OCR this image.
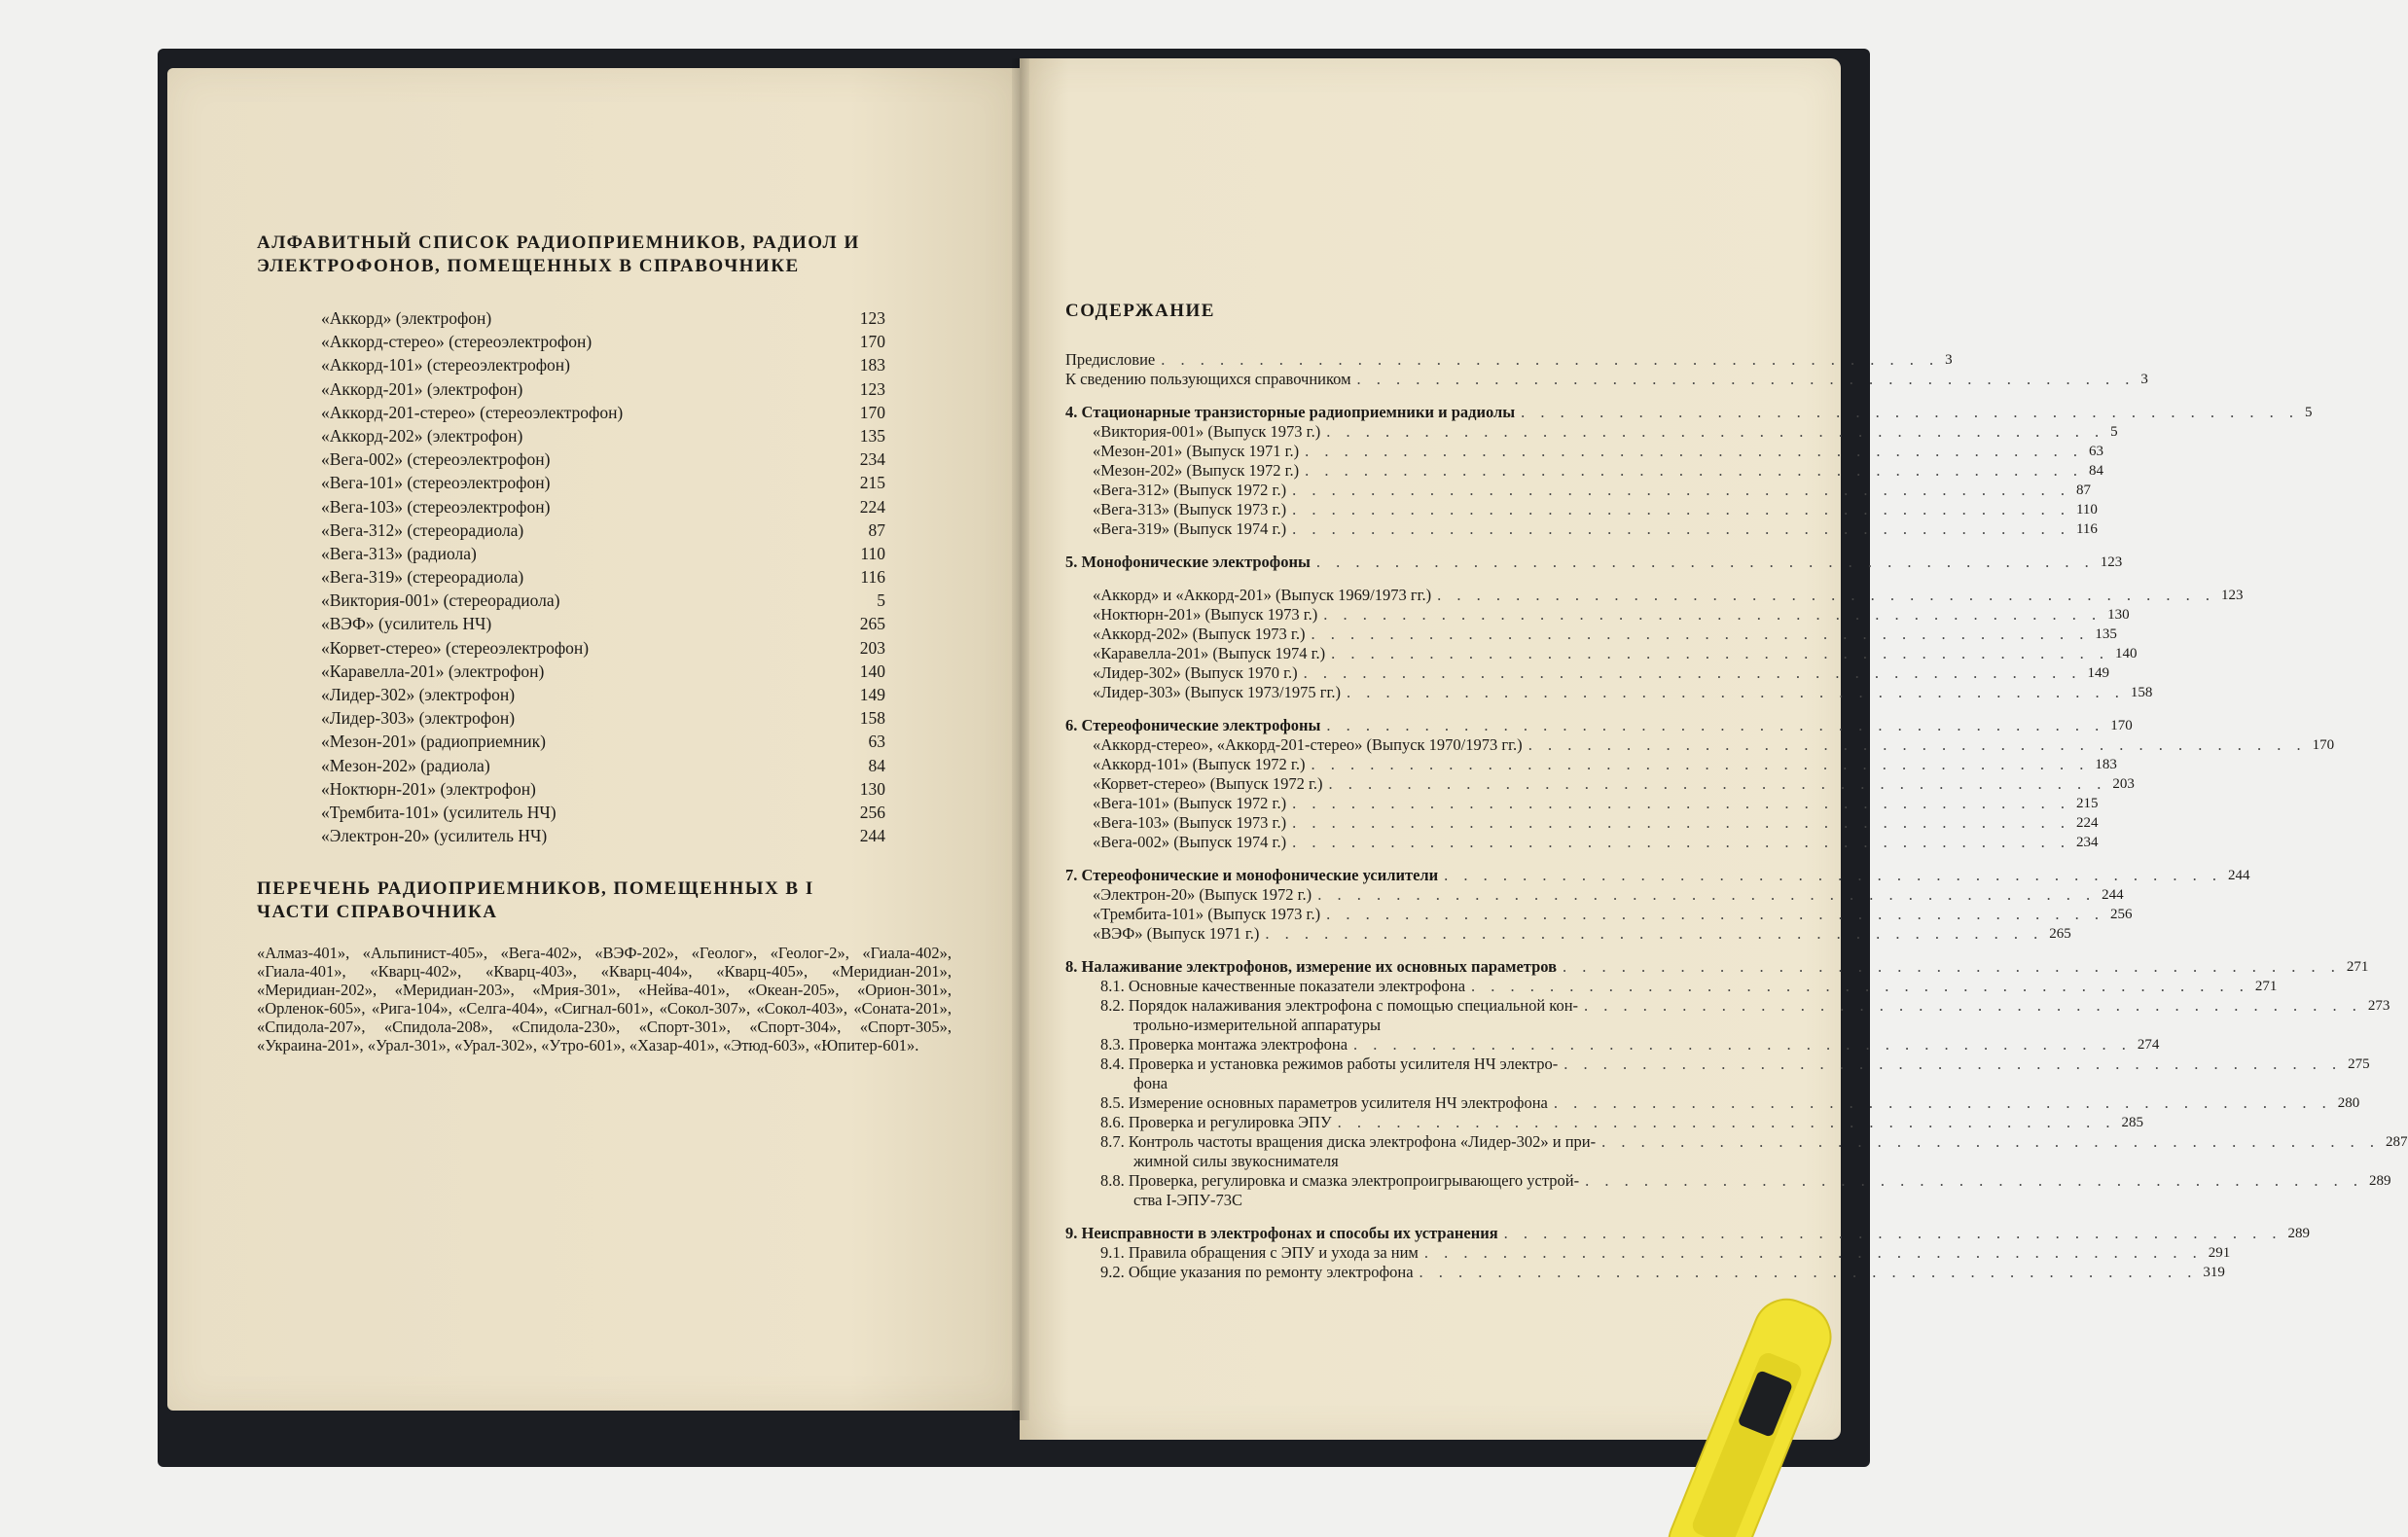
АЛФАВИТНЫЙ СПИСОК РАДИОПРИЕМНИКОВ, РАДИОЛ И ЭЛЕКТРОФОНОВ, ПОМЕЩЕННЫХ В СПРАВОЧНИКЕ
«Аккорд» (электрофон)	123
«Аккорд-стерео» (стереоэлектрофон)	170
«Аккорд-101» (стереоэлектрофон)	183
«Аккорд-201» (электрофон)	123
«Аккорд-201-стерео» (стереоэлектрофон)	170
«Аккорд-202» (электрофон)	135
«Вега-002» (стереоэлектрофон)	234
«Вега-101» (стереоэлектрофон)	215
«Вега-103» (стереоэлектрофон)	224
«Вега-312» (стереорадиола)	87
«Вега-313» (радиола)	110
«Вега-319» (стереорадиола)	116
«Виктория-001» (стереорадиола)	5
«ВЭФ» (усилитель НЧ)	265
«Корвет-стерео» (стереоэлектрофон)	203
«Каравелла-201» (электрофон)	140
«Лидер-302» (электрофон)	149
«Лидер-303» (электрофон)	158
«Мезон-201» (радиоприемник)	63
«Мезон-202» (радиола)	84
«Ноктюрн-201» (электрофон)	130
«Трембита-101» (усилитель НЧ)	256
«Электрон-20» (усилитель НЧ)	244
ПЕРЕЧЕНЬ РАДИОПРИЕМНИКОВ, ПОМЕЩЕННЫХ В I ЧАСТИ СПРАВОЧНИКА
«Алмаз-401», «Альпинист-405», «Вега-402», «ВЭФ-202», «Геолог», «Геолог-2», «Гиала-402», «Гиала-401», «Кварц-402», «Кварц-403», «Кварц-404», «Кварц-405», «Меридиан-201», «Меридиан-202», «Меридиан-203», «Мрия-301», «Нейва-401», «Океан-205», «Орион-301», «Орленок-605», «Рига-104», «Селга-404», «Сигнал-601», «Сокол-307», «Сокол-403», «Соната-201», «Спидола-207», «Спидола-208», «Спидола-230», «Спорт-301», «Спорт-304», «Спорт-305», «Украина-201», «Урал-301», «Урал-302», «Утро-601», «Хазар-401», «Этюд-603», «Юпитер-601».
СОДЕРЖАНИЕ
Предисловие . . . . . . . . . . . . . . . . . . . . . . . . . . . . . . . . . . . . . . . . 3
К сведению пользующихся справочником . . . . . . . . . . . . . . . . . . . . . . . . . . . . . . . . . . . . . . . . 3
4. Стационарные транзисторные радиоприемники и радиолы . . . . . . . . . . . . . . . . . . . . . . . . . . . . . . . . . . . . . . . . 5
«Виктория-001» (Выпуск 1973 г.) . . . . . . . . . . . . . . . . . . . . . . . . . . . . . . . . . . . . . . . . 5
«Мезон-201» (Выпуск 1971 г.) . . . . . . . . . . . . . . . . . . . . . . . . . . . . . . . . . . . . . . . . 63
«Мезон-202» (Выпуск 1972 г.) . . . . . . . . . . . . . . . . . . . . . . . . . . . . . . . . . . . . . . . . 84
«Вега-312» (Выпуск 1972 г.) . . . . . . . . . . . . . . . . . . . . . . . . . . . . . . . . . . . . . . . . 87
«Вега-313» (Выпуск 1973 г.) . . . . . . . . . . . . . . . . . . . . . . . . . . . . . . . . . . . . . . . . 110
«Вега-319» (Выпуск 1974 г.) . . . . . . . . . . . . . . . . . . . . . . . . . . . . . . . . . . . . . . . . 116
5. Монофонические электрофоны . . . . . . . . . . . . . . . . . . . . . . . . . . . . . . . . . . . . . . . . 123
«Аккорд» и «Аккорд-201» (Выпуск 1969/1973 гг.) . . . . . . . . . . . . . . . . . . . . . . . . . . . . . . . . . . . . . . . . 123
«Ноктюрн-201» (Выпуск 1973 г.) . . . . . . . . . . . . . . . . . . . . . . . . . . . . . . . . . . . . . . . . 130
«Аккорд-202» (Выпуск 1973 г.) . . . . . . . . . . . . . . . . . . . . . . . . . . . . . . . . . . . . . . . . 135
«Каравелла-201» (Выпуск 1974 г.) . . . . . . . . . . . . . . . . . . . . . . . . . . . . . . . . . . . . . . . . 140
«Лидер-302» (Выпуск 1970 г.) . . . . . . . . . . . . . . . . . . . . . . . . . . . . . . . . . . . . . . . . 149
«Лидер-303» (Выпуск 1973/1975 гг.) . . . . . . . . . . . . . . . . . . . . . . . . . . . . . . . . . . . . . . . . 158
6. Стереофонические электрофоны . . . . . . . . . . . . . . . . . . . . . . . . . . . . . . . . . . . . . . . . 170
«Аккорд-стерео», «Аккорд-201-стерео» (Выпуск 1970/1973 гг.) . . . . . . . . . . . . . . . . . . . . . . . . . . . . . . . . . . . . . . . . 170
«Аккорд-101» (Выпуск 1972 г.) . . . . . . . . . . . . . . . . . . . . . . . . . . . . . . . . . . . . . . . . 183
«Корвет-стерео» (Выпуск 1972 г.) . . . . . . . . . . . . . . . . . . . . . . . . . . . . . . . . . . . . . . . . 203
«Вега-101» (Выпуск 1972 г.) . . . . . . . . . . . . . . . . . . . . . . . . . . . . . . . . . . . . . . . . 215
«Вега-103» (Выпуск 1973 г.) . . . . . . . . . . . . . . . . . . . . . . . . . . . . . . . . . . . . . . . . 224
«Вега-002» (Выпуск 1974 г.) . . . . . . . . . . . . . . . . . . . . . . . . . . . . . . . . . . . . . . . . 234
7. Стереофонические и монофонические усилители . . . . . . . . . . . . . . . . . . . . . . . . . . . . . . . . . . . . . . . . 244
«Электрон-20» (Выпуск 1972 г.) . . . . . . . . . . . . . . . . . . . . . . . . . . . . . . . . . . . . . . . . 244
«Трембита-101» (Выпуск 1973 г.) . . . . . . . . . . . . . . . . . . . . . . . . . . . . . . . . . . . . . . . . 256
«ВЭФ» (Выпуск 1971 г.) . . . . . . . . . . . . . . . . . . . . . . . . . . . . . . . . . . . . . . . . 265
8. Налаживание электрофонов, измерение их основных параметров . . . . . . . . . . . . . . . . . . . . . . . . . . . . . . . . . . . . . . . . 271
8.1. Основные качественные показатели электрофона . . . . . . . . . . . . . . . . . . . . . . . . . . . . . . . . . . . . . . . . 271
8.2. Порядок налаживания электрофона с помощью специальной кон- . . . . . . . . . . . . . . . . . . . . . . . . . . . . . . . . . . . . . . . . 273
трольно-измерительной аппаратуры
8.3. Проверка монтажа электрофона . . . . . . . . . . . . . . . . . . . . . . . . . . . . . . . . . . . . . . . . 274
8.4. Проверка и установка режимов работы усилителя НЧ электро- . . . . . . . . . . . . . . . . . . . . . . . . . . . . . . . . . . . . . . . . 275
фона
8.5. Измерение основных параметров усилителя НЧ электрофона . . . . . . . . . . . . . . . . . . . . . . . . . . . . . . . . . . . . . . . . 280
8.6. Проверка и регулировка ЭПУ . . . . . . . . . . . . . . . . . . . . . . . . . . . . . . . . . . . . . . . . 285
8.7. Контроль частоты вращения диска электрофона «Лидер-302» и при- . . . . . . . . . . . . . . . . . . . . . . . . . . . . . . . . . . . . . . . . 287
жимной силы звукоснимателя
8.8. Проверка, регулировка и смазка электропроигрывающего устрой- . . . . . . . . . . . . . . . . . . . . . . . . . . . . . . . . . . . . . . . . 289
ства I-ЭПУ-73С
9. Неисправности в электрофонах и способы их устранения . . . . . . . . . . . . . . . . . . . . . . . . . . . . . . . . . . . . . . . . 289
9.1. Правила обращения с ЭПУ и ухода за ним . . . . . . . . . . . . . . . . . . . . . . . . . . . . . . . . . . . . . . . . 291
9.2. Общие указания по ремонту электрофона . . . . . . . . . . . . . . . . . . . . . . . . . . . . . . . . . . . . . . . . 319
